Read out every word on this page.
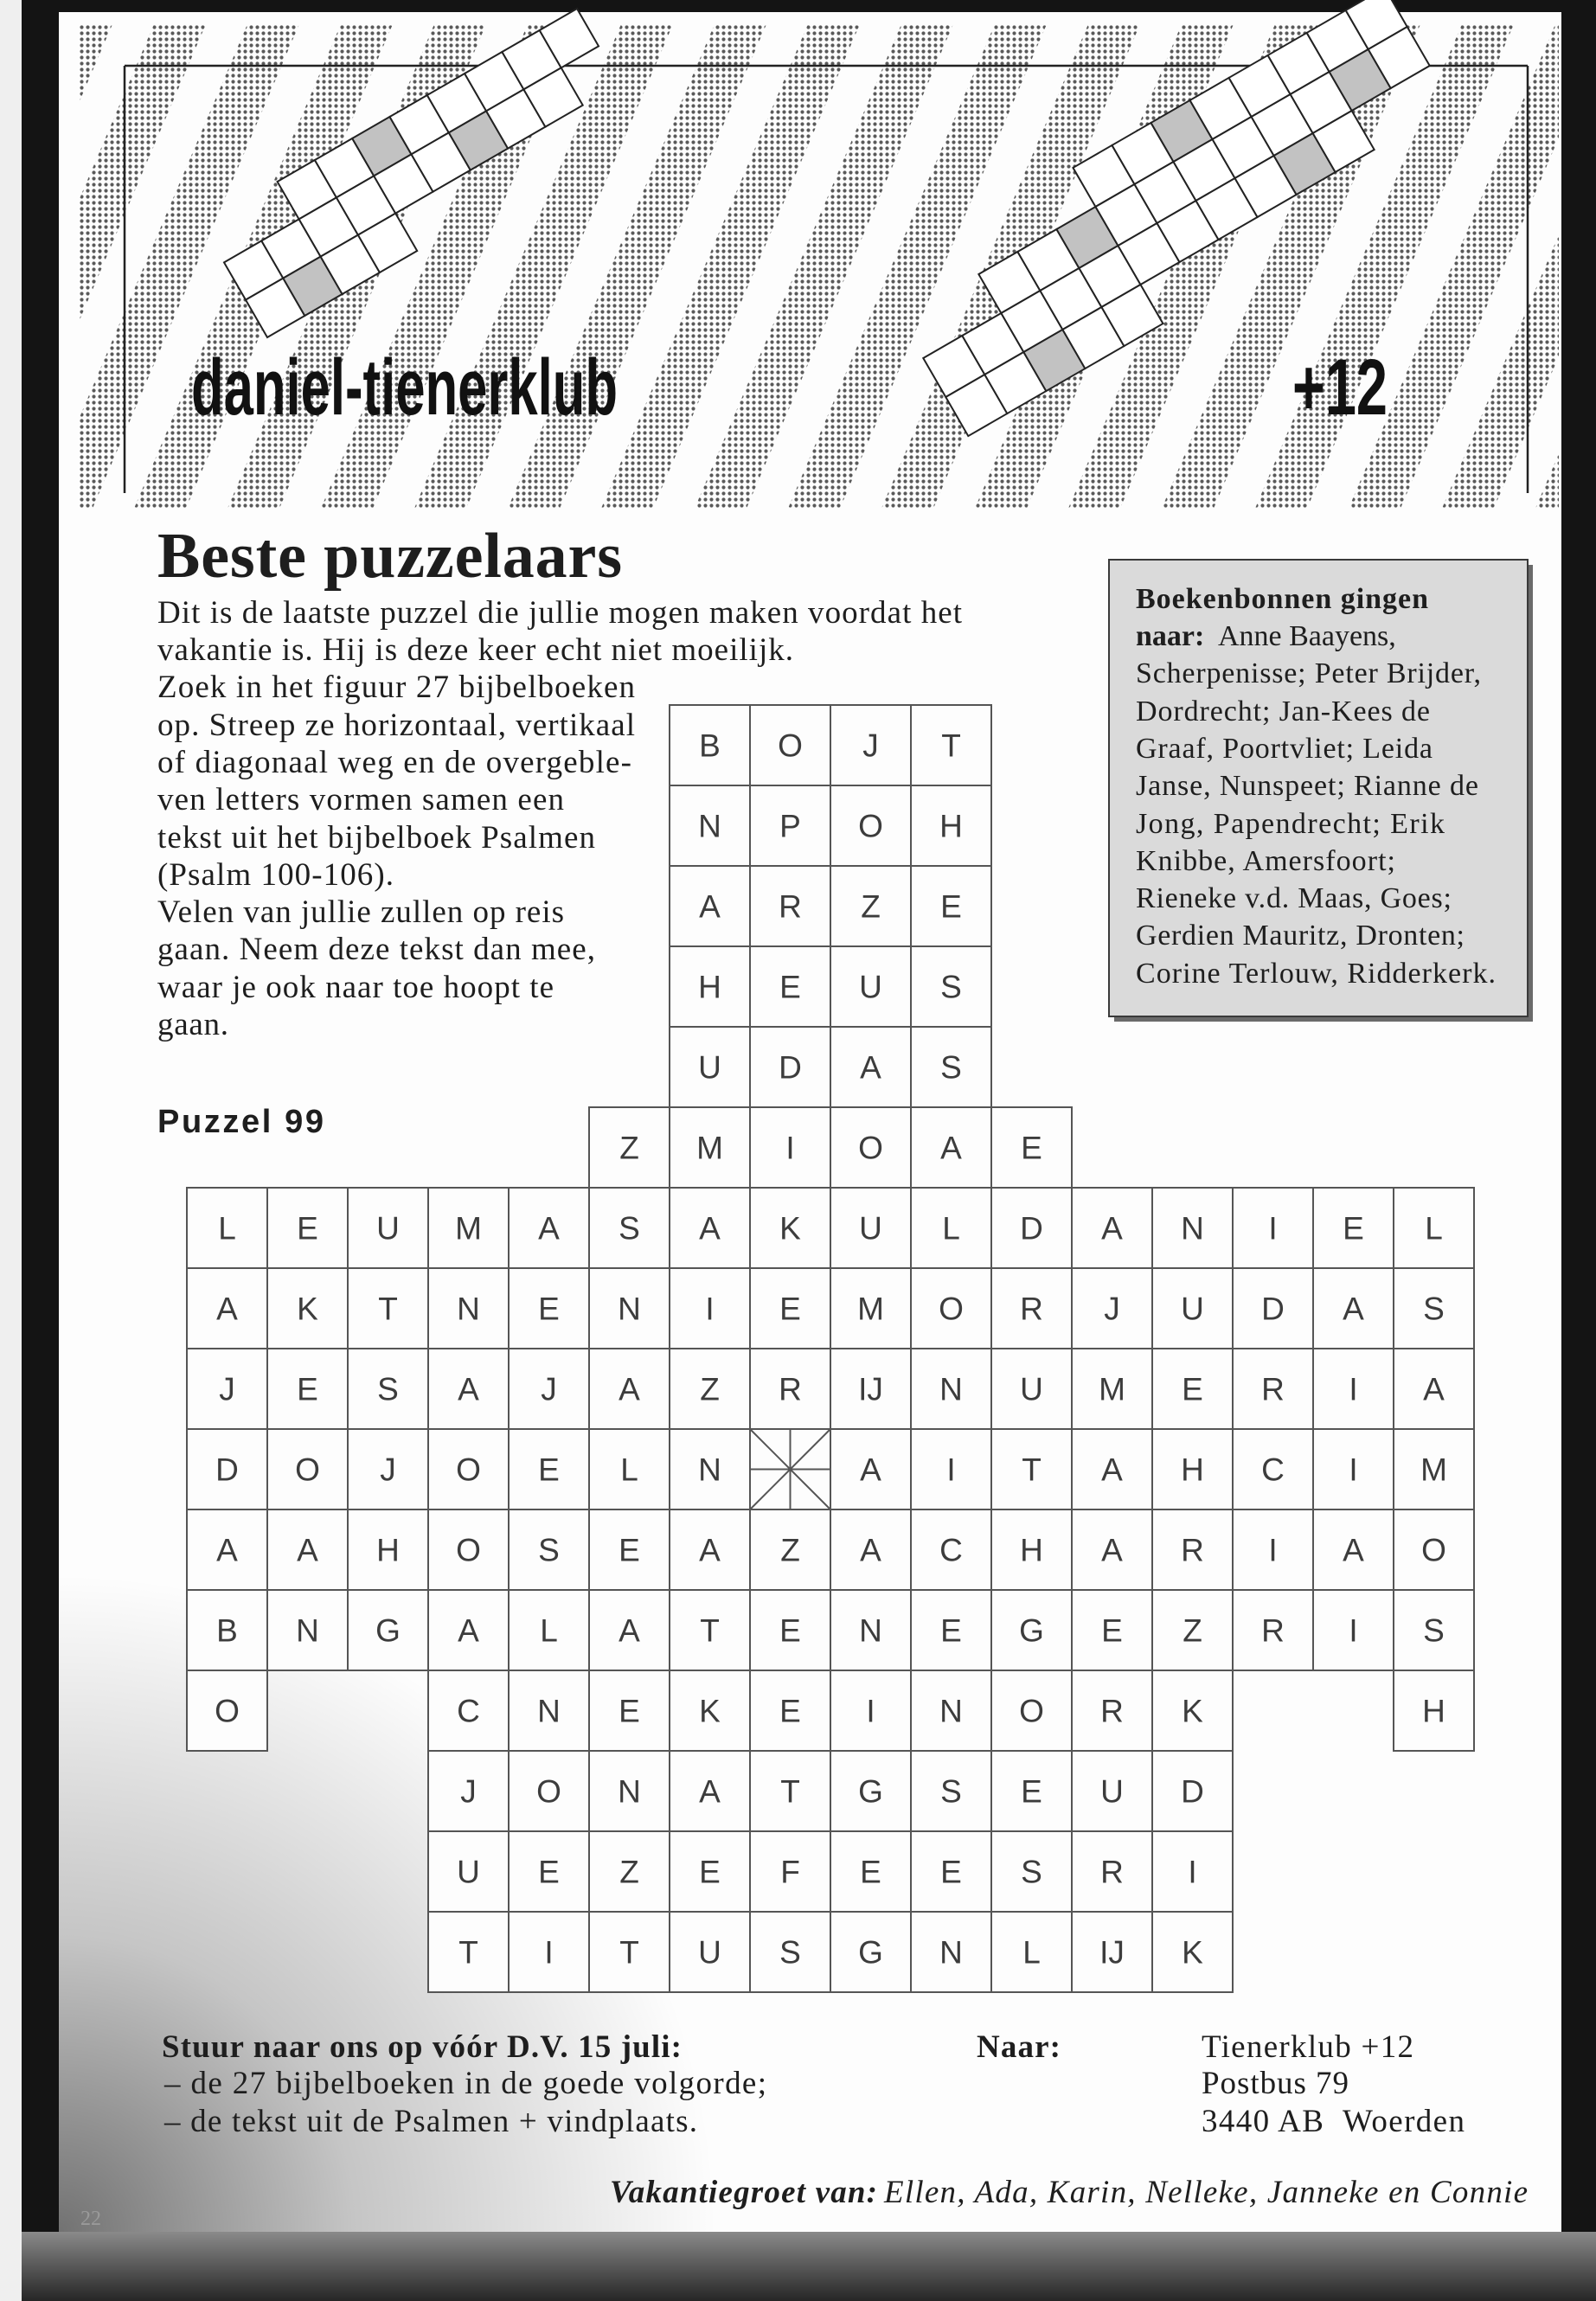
daniel-tienerklub	+12
Beste puzzelaars
Dit is de laatste puzzel die jullie mogen maken voordat het
vakantie is. Hij is deze keer echt niet moeilijk.
Zoek in het figuur 27 bijbelboeken
op. Streep ze horizontaal, vertikaal
of diagonaal weg en de overgeble-
ven letters vormen samen een
tekst uit het bijbelboek Psalmen
(Psalm 100-106).
Velen van jullie zullen op reis
gaan. Neem deze tekst dan mee,
waar je ook naar toe hoopt te
gaan.
Boekenbonnen gingen
naar: Anne Baayens,
Scherpenisse; Peter Brijder,
Dordrecht; Jan-Kees de
Graaf, Poortvliet; Leida
Janse, Nunspeet; Rianne de
Jong, Papendrecht; Erik
Knibbe, Amersfoort;
Rieneke v.d. Maas, Goes;
Gerdien Mauritz, Dronten;
Corine Terlouw, Ridderkerk.
Puzzel 99
B O J T
N P O H
A R Z E
H E U S
U D A S
Z M I O A E
L E U M A S A K U L D A N I E L
A K T N E N I E M O R J U D A S
J E S A J A Z R IJ N U M E R I A
D O J O E L N	A I T A H C I M
A A H O S E A Z A C H A R I A O
B N G A L A T E N E G E Z R I S
O	C N E K E I N O R K	H
J O N A T G S E U D
U E Z E F E E S R I
T I T U S G N L IJ K
Stuur naar ons op vóór D.V. 15 juli:
– de 27 bijbelboeken in de goede volgorde;
– de tekst uit de Psalmen + vindplaats.
Naar:	Tienerklub +12
Postbus 79
3440 AB  Woerden
Vakantiegroet van: Ellen, Ada, Karin, Nelleke, Janneke en Connie
22
